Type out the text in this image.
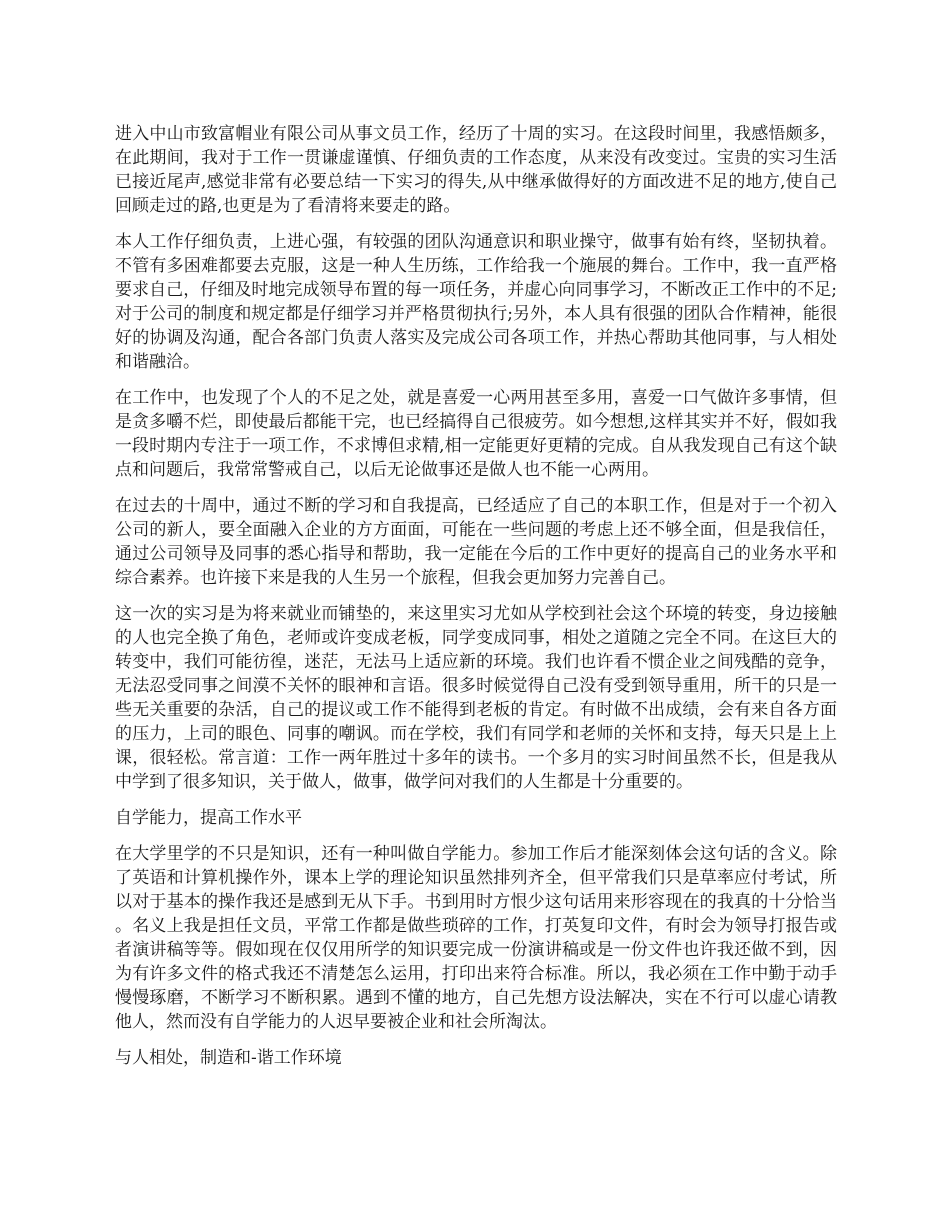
进入中山市致富帽业有限公司从事文员工作，经历了十周的实习。在这段时间里，我感悟颇多，在此期间，我对于工作一贯谦虚谨慎、仔细负责的工作态度，从来没有改变过。宝贵的实习生活已接近尾声,感觉非常有必要总结一下实习的得失,从中继承做得好的方面改进不足的地方,使自己回顾走过的路,也更是为了看清将来要走的路。

本人工作仔细负责，上进心强，有较强的团队沟通意识和职业操守，做事有始有终，坚韧执着。不管有多困难都要去克服，这是一种人生历练，工作给我一个施展的舞台。工作中，我一直严格要求自己，仔细及时地完成领导布置的每一项任务，并虚心向同事学习，不断改正工作中的不足;对于公司的制度和规定都是仔细学习并严格贯彻执行;另外，本人具有很强的团队合作精神，能很好的协调及沟通，配合各部门负责人落实及完成公司各项工作，并热心帮助其他同事，与人相处和谐融洽。

在工作中，也发现了个人的不足之处，就是喜爱一心两用甚至多用，喜爱一口气做许多事情，但是贪多嚼不烂，即使最后都能干完，也已经搞得自己很疲劳。如今想想,这样其实并不好，假如我一段时期内专注于一项工作，不求博但求精,相一定能更好更精的完成。自从我发现自己有这个缺点和问题后，我常常警戒自己，以后无论做事还是做人也不能一心两用。

在过去的十周中，通过不断的学习和自我提高，已经适应了自己的本职工作，但是对于一个初入公司的新人，要全面融入企业的方方面面，可能在一些问题的考虑上还不够全面，但是我信任，通过公司领导及同事的悉心指导和帮助，我一定能在今后的工作中更好的提高自己的业务水平和综合素养。也许接下来是我的人生另一个旅程，但我会更加努力完善自己。

这一次的实习是为将来就业而铺垫的，来这里实习尤如从学校到社会这个环境的转变，身边接触的人也完全换了角色，老师或许变成老板，同学变成同事，相处之道随之完全不同。在这巨大的转变中，我们可能彷徨，迷茫，无法马上适应新的环境。我们也许看不惯企业之间残酷的竞争，无法忍受同事之间漠不关怀的眼神和言语。很多时候觉得自己没有受到领导重用，所干的只是一些无关重要的杂活，自己的提议或工作不能得到老板的肯定。有时做不出成绩，会有来自各方面的压力，上司的眼色、同事的嘲讽。而在学校，我们有同学和老师的关怀和支持，每天只是上上课，很轻松。常言道：工作一两年胜过十多年的读书。一个多月的实习时间虽然不长，但是我从中学到了很多知识，关于做人，做事，做学问对我们的人生都是十分重要的。

自学能力，提高工作水平

在大学里学的不只是知识，还有一种叫做自学能力。参加工作后才能深刻体会这句话的含义。除了英语和计算机操作外，课本上学的理论知识虽然排列齐全，但平常我们只是草率应付考试，所以对于基本的操作我还是感到无从下手。书到用时方恨少这句话用来形容现在的我真的十分恰当。名义上我是担任文员，平常工作都是做些琐碎的工作，打英复印文件，有时会为领导打报告或者演讲稿等等。假如现在仅仅用所学的知识要完成一份演讲稿或是一份文件也许我还做不到，因为有许多文件的格式我还不清楚怎么运用，打印出来符合标准。所以，我必须在工作中勤于动手慢慢琢磨，不断学习不断积累。遇到不懂的地方，自己先想方设法解决，实在不行可以虚心请教他人，然而没有自学能力的人迟早要被企业和社会所淘汰。

与人相处，制造和-谐工作环境
